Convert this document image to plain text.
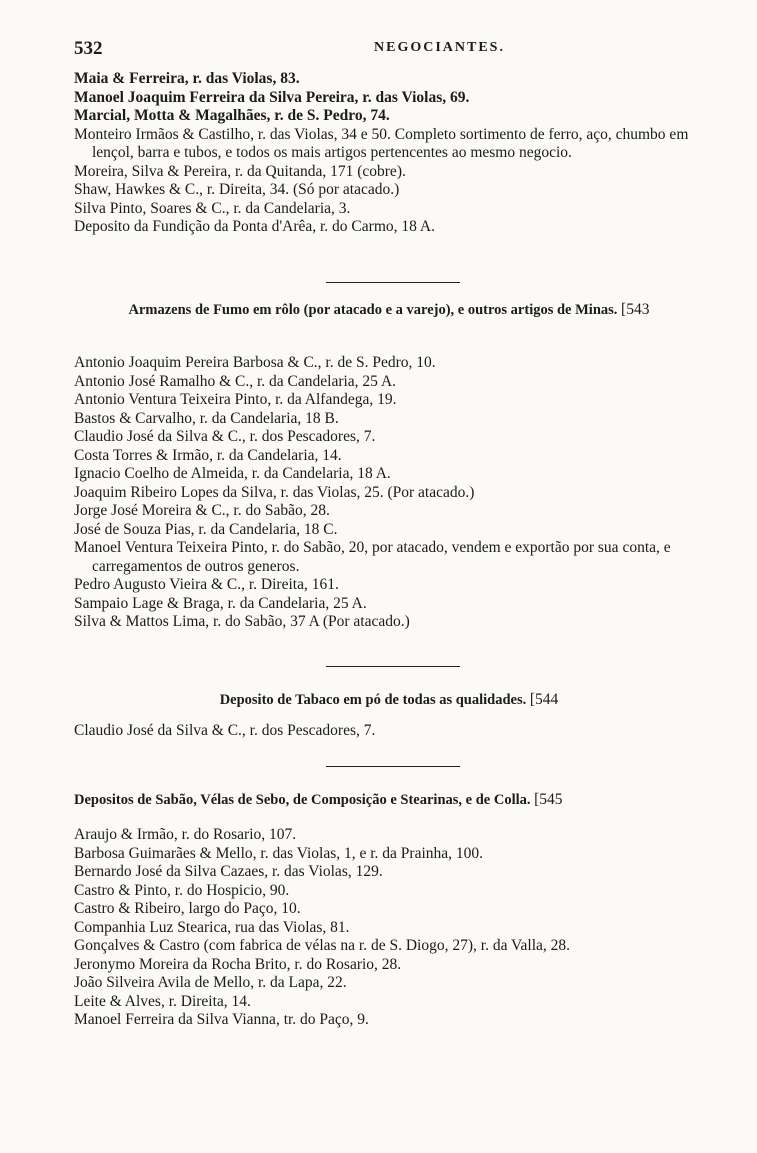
532	NEGOCIANTES.
Maia & Ferreira, r. das Violas, 83.
Manoel Joaquim Ferreira da Silva Pereira, r. das Violas, 69.
Marcial, Motta & Magalhães, r. de S. Pedro, 74.
Monteiro Irmãos & Castilho, r. das Violas, 34 e 50. Completo sortimento de ferro, aço, chumbo em lençol, barra e tubos, e todos os mais artigos pertencentes ao mesmo negocio.
Moreira, Silva & Pereira, r. da Quitanda, 171 (cobre).
Shaw, Hawkes & C., r. Direita, 34. (Só por atacado.)
Silva Pinto, Soares & C., r. da Candelaria, 3.
Deposito da Fundição da Ponta d'Arêa, r. do Carmo, 18 A.
Armazens de Fumo em rôlo (por atacado e a varejo), e outros artigos de Minas. [543
Antonio Joaquim Pereira Barbosa & C., r. de S. Pedro, 10.
Antonio José Ramalho & C., r. da Candelaria, 25 A.
Antonio Ventura Teixeira Pinto, r. da Alfandega, 19.
Bastos & Carvalho, r. da Candelaria, 18 B.
Claudio José da Silva & C., r. dos Pescadores, 7.
Costa Torres & Irmão, r. da Candelaria, 14.
Ignacio Coelho de Almeida, r. da Candelaria, 18 A.
Joaquim Ribeiro Lopes da Silva, r. das Violas, 25. (Por atacado.)
Jorge José Moreira & C., r. do Sabão, 28.
José de Souza Pias, r. da Candelaria, 18 C.
Manoel Ventura Teixeira Pinto, r. do Sabão, 20, por atacado, vendem e exportão por sua conta, e carregamentos de outros generos.
Pedro Augusto Vieira & C., r. Direita, 161.
Sampaio Lage & Braga, r. da Candelaria, 25 A.
Silva & Mattos Lima, r. do Sabão, 37 A (Por atacado.)
Deposito de Tabaco em pó de todas as qualidades. [544
Claudio José da Silva & C., r. dos Pescadores, 7.
Depositos de Sabão, Vélas de Sebo, de Composição e Stearinas, e de Colla. [545
Araujo & Irmão, r. do Rosario, 107.
Barbosa Guimarães & Mello, r. das Violas, 1, e r. da Prainha, 100.
Bernardo José da Silva Cazaes, r. das Violas, 129.
Castro & Pinto, r. do Hospicio, 90.
Castro & Ribeiro, largo do Paço, 10.
Companhia Luz Stearica, rua das Violas, 81.
Gonçalves & Castro (com fabrica de vélas na r. de S. Diogo, 27), r. da Valla, 28.
Jeronymo Moreira da Rocha Brito, r. do Rosario, 28.
João Silveira Avila de Mello, r. da Lapa, 22.
Leite & Alves, r. Direita, 14.
Manoel Ferreira da Silva Vianna, tr. do Paço, 9.
